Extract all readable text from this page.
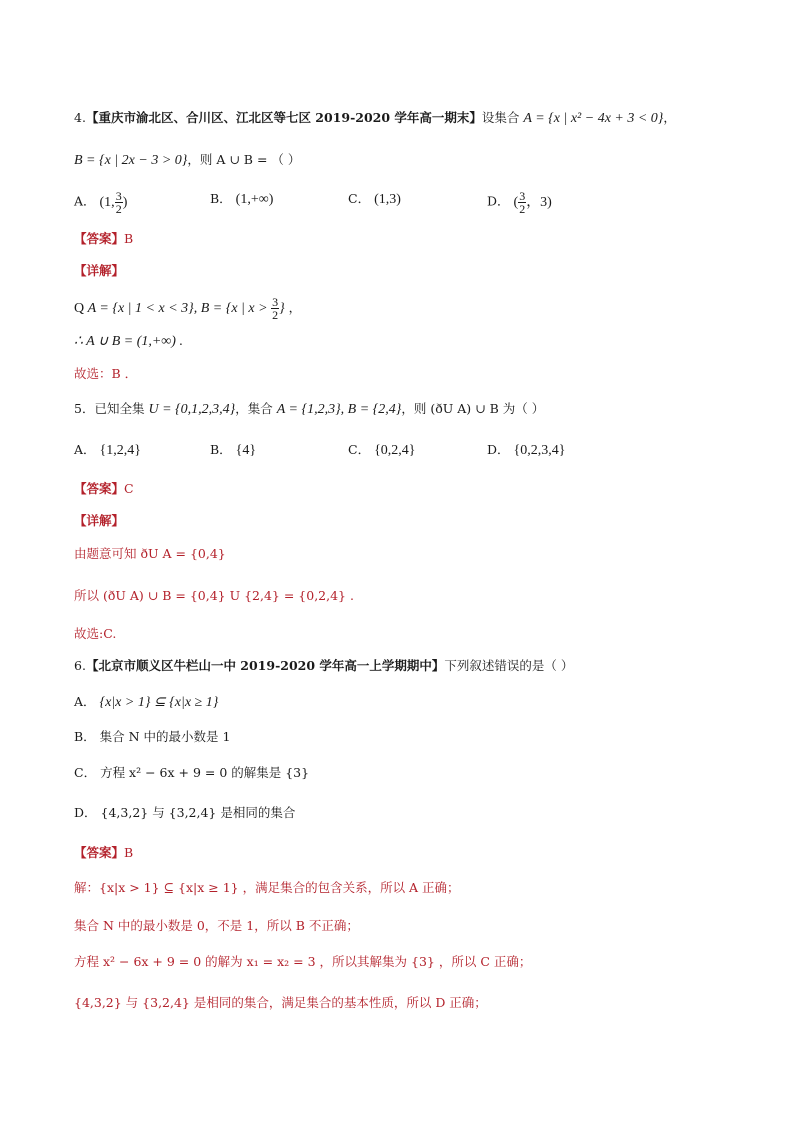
4.【重庆市渝北区、合川区、江北区等七区 2019-2020 学年高一期末】设集合 A = {x | x² − 4x + 3 < 0}，
B = {x | 2x − 3 > 0}，则 A ∪ B = （ ）
A． (1, $\frac{3}{2}$ )	B． (1,+∞)	C． (1,3)	D． ( $\frac{3}{2}$ ，3)
【答案】B
【详解】
Q A = {x | 1 < x < 3}, B = {x | $x > \frac{3}{2}$ } ，
∴ A ∪ B = (1,+∞) .
故选：B ．
5．已知全集 U = {0,1,2,3,4}，集合 A = {1,2,3}, B = {2,4}，则 (ðU A) ∪ B 为（ ）
A． {1,2,4}	B． {4}	C． {0,2,4}	D． {0,2,3,4}
【答案】C
【详解】
由题意可知 ðU A = {0,4}
所以 (ðU A) ∪ B = {0,4} U {2,4} = {0,2,4} .
故选:C.
6.【北京市顺义区牛栏山一中 2019-2020 学年高一上学期期中】下列叙述错误的是（ ）
A． {x|x > 1} ⊆ {x|x ≥ 1}
B． 集合 N 中的最小数是 1
C． 方程 x² − 6x + 9 = 0 的解集是 {3}
D． {4,3,2} 与 {3,2,4} 是相同的集合
【答案】B
解：{x|x > 1} ⊆ {x|x ≥ 1} ，满足集合的包含关系，所以 A 正确；
集合 N 中的最小数是 0，不是 1，所以 B 不正确；
方程 x² − 6x + 9 = 0 的解为 x₁ = x₂ = 3 ，所以其解集为 {3} ，所以 C 正确；
{4,3,2} 与 {3,2,4} 是相同的集合，满足集合的基本性质，所以 D 正确；
